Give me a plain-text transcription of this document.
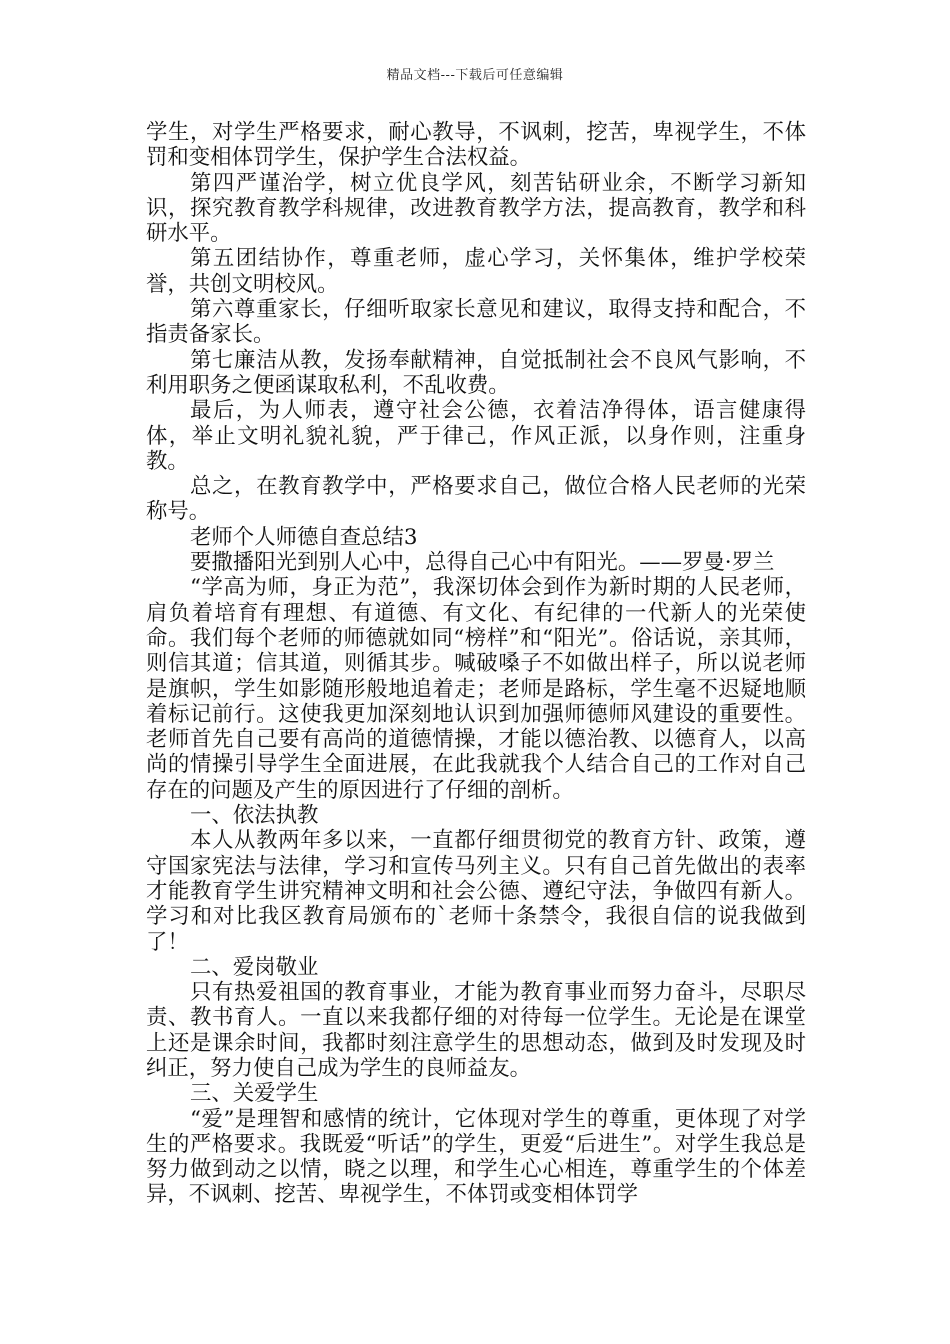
精品文档---下载后可任意编辑

学生，对学生严格要求，耐心教导，不讽刺，挖苦，卑视学生，不体罚和变相体罚学生，保护学生合法权益。

第四严谨治学，树立优良学风，刻苦钻研业余，不断学习新知识，探究教育教学科规律，改进教育教学方法，提高教育，教学和科研水平。

第五团结协作，尊重老师，虚心学习，关怀集体，维护学校荣誉，共创文明校风。

第六尊重家长，仔细听取家长意见和建议，取得支持和配合，不指责备家长。

第七廉洁从教，发扬奉献精神，自觉抵制社会不良风气影响，不利用职务之便函谋取私利，不乱收费。

最后，为人师表，遵守社会公德，衣着洁净得体，语言健康得体，举止文明礼貌礼貌，严于律己，作风正派，以身作则，注重身教。

总之，在教育教学中，严格要求自己，做位合格人民老师的光荣称号。

老师个人师德自查总结3

要撒播阳光到别人心中，总得自己心中有阳光。——罗曼·罗兰

“学高为师，身正为范”，我深切体会到作为新时期的人民老师，肩负着培育有理想、有道德、有文化、有纪律的一代新人的光荣使命。我们每个老师的师德就如同“榜样”和“阳光”。俗话说，亲其师，则信其道；信其道，则循其步。喊破嗓子不如做出样子，所以说老师是旗帜，学生如影随形般地追着走；老师是路标，学生毫不迟疑地顺着标记前行。这使我更加深刻地认识到加强师德师风建设的重要性。老师首先自己要有高尚的道德情操，才能以德治教、以德育人，以高尚的情操引导学生全面进展，在此我就我个人结合自己的工作对自己存在的问题及产生的原因进行了仔细的剖析。

一、依法执教

本人从教两年多以来，一直都仔细贯彻党的教育方针、政策，遵守国家宪法与法律，学习和宣传马列主义。只有自己首先做出的表率才能教育学生讲究精神文明和社会公德、遵纪守法，争做四有新人。学习和对比我区教育局颁布的`老师十条禁令，我很自信的说我做到了！

二、爱岗敬业

只有热爱祖国的教育事业，才能为教育事业而努力奋斗，尽职尽责、教书育人。一直以来我都仔细的对待每一位学生。无论是在课堂上还是课余时间，我都时刻注意学生的思想动态，做到及时发现及时纠正，努力使自己成为学生的良师益友。

三、关爱学生

“爱”是理智和感情的统计，它体现对学生的尊重，更体现了对学生的严格要求。我既爱“听话”的学生，更爱“后进生”。对学生我总是努力做到动之以情，晓之以理，和学生心心相连，尊重学生的个体差异，不讽刺、挖苦、卑视学生，不体罚或变相体罚学
